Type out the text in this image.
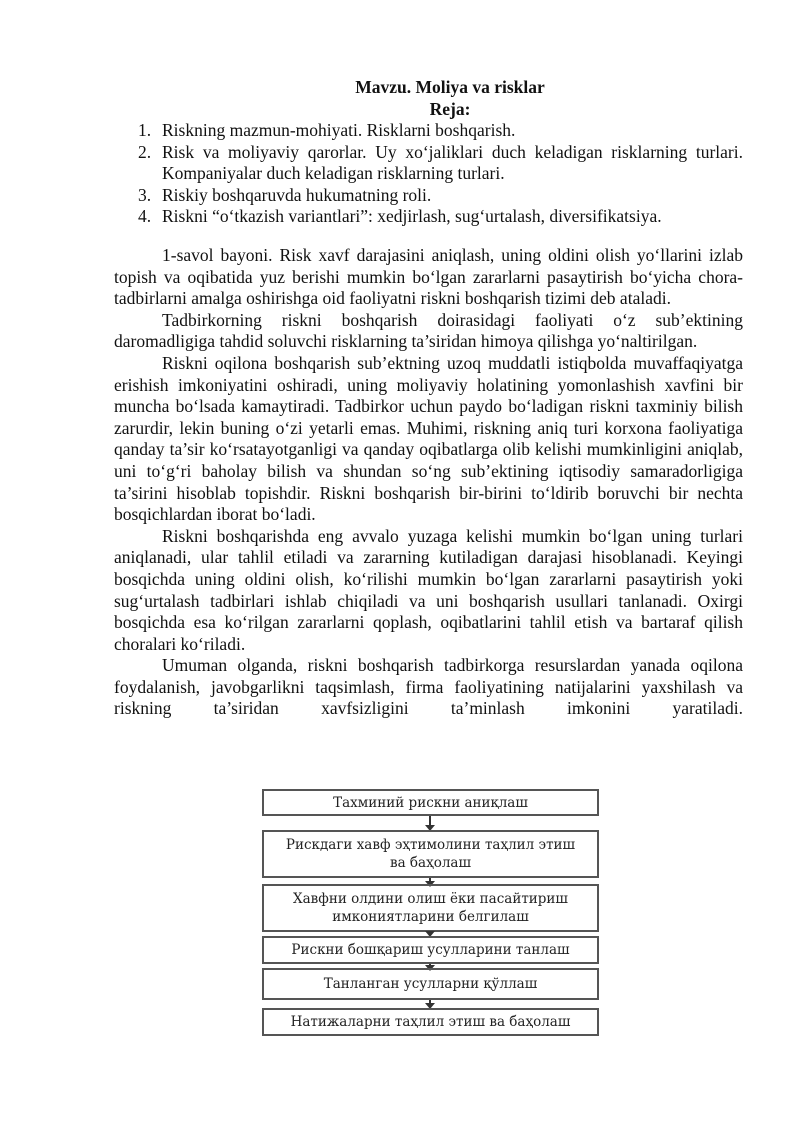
Mavzu. Moliya va risklar
Reja:
1. Riskning mazmun-mohiyati. Risklarni boshqarish.
2. Risk va moliyaviy qarorlar. Uy xo‘jaliklari duch keladigan risklarning turlari. Kompaniyalar duch keladigan risklarning turlari.
3. Riskiy boshqaruvda hukumatning roli.
4. Riskni “o‘tkazish variantlari”: xedjirlash, sug‘urtalash, diversifikatsiya.

1-savol bayoni. Risk xavf darajasini aniqlash, uning oldini olish yo‘llarini izlab topish va oqibatida yuz berishi mumkin bo‘lgan zararlarni pasaytirish bo‘yicha chora-tadbirlarni amalga oshirishga oid faoliyatni riskni boshqarish tizimi deb ataladi.

Tadbirkorning riskni boshqarish doirasidagi faoliyati o‘z sub’ektining daromadligiga tahdid soluvchi risklarning ta’siridan himoya qilishga yo‘naltirilgan.

Riskni oqilona boshqarish sub’ektning uzoq muddatli istiqbolda muvaffaqiyatga erishish imkoniyatini oshiradi, uning moliyaviy holatining yomonlashish xavfini bir muncha bo‘lsada kamaytiradi. Tadbirkor uchun paydo bo‘ladigan riskni taxminiy bilish zarurdir, lekin buning o‘zi yetarli emas. Muhimi, riskning aniq turi korxona faoliyatiga qanday ta’sir ko‘rsatayotganligi va qanday oqibatlarga olib kelishi mumkinligini aniqlab, uni to‘g‘ri baholay bilish va shundan so‘ng sub’ektining iqtisodiy samaradorligiga ta’sirini hisoblab topishdir. Riskni boshqarish bir-birini to‘ldirib boruvchi bir nechta bosqichlardan iborat bo‘ladi.

Riskni boshqarishda eng avvalo yuzaga kelishi mumkin bo‘lgan uning turlari aniqlanadi, ular tahlil etiladi va zararning kutiladigan darajasi hisoblanadi. Keyingi bosqichda uning oldini olish, ko‘rilishi mumkin bo‘lgan zararlarni pasaytirish yoki sug‘urtalash tadbirlari ishlab chiqiladi va uni boshqarish usullari tanlanadi. Oxirgi bosqichda esa ko‘rilgan zararlarni qoplash, oqibatlarini tahlil etish va bartaraf qilish choralari ko‘riladi.

Umuman olganda, riskni boshqarish tadbirkorga resurslardan yanada oqilona foydalanish, javobgarlikni taqsimlash, firma faoliyatining natijalarini yaxshilash va riskning ta’siridan xavfsizligini ta’minlash imkonini yaratiladi.

Тахминий рискни аниқлаш
Рискдаги хавф эҳтимолини таҳлил этиш ва баҳолаш
Хавфни олдини олиш ёки пасайтириш имкониятларини белгилаш
Рискни бошқариш усулларини танлаш
Танланган усулларни қўллаш
Натижаларни таҳлил этиш ва баҳолаш
